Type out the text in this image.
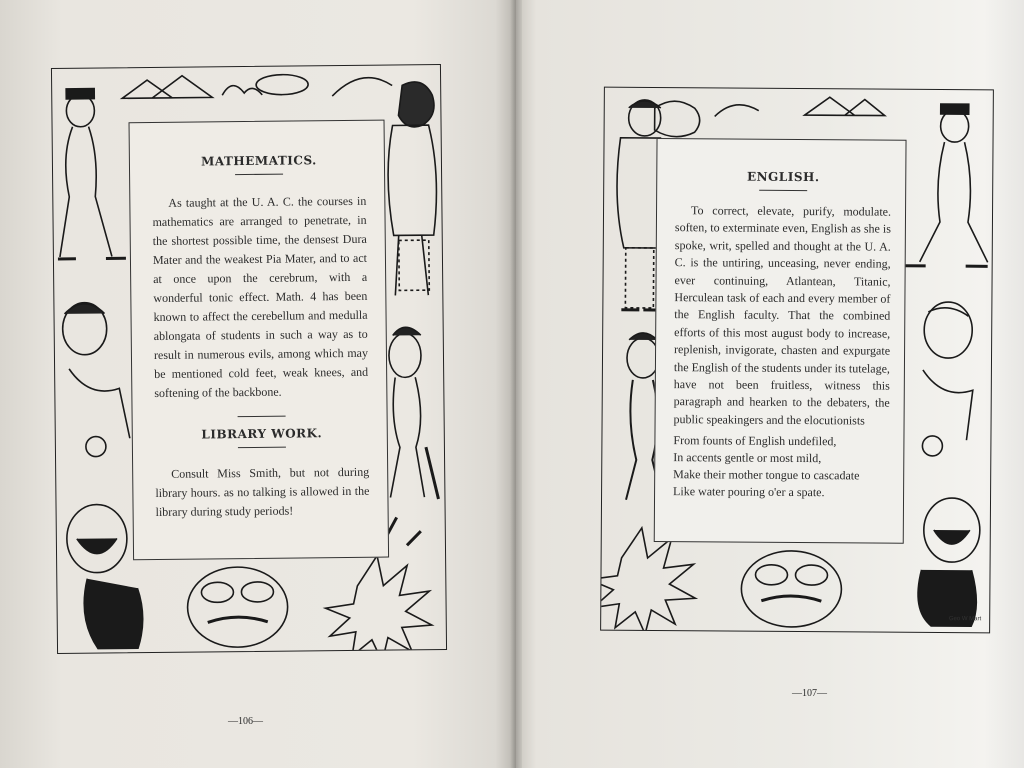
MATHEMATICS.

As taught at the U. A. C. the courses in mathematics are arranged to penetrate, in the shortest possible time, the densest Dura Mater and the weakest Pia Mater, and to act at once upon the cerebrum, with a wonderful tonic effect. Math. 4 has been known to affect the cerebellum and medulla ablongata of students in such a way as to result in numerous evils, among which may be mentioned cold feet, weak knees, and softening of the backbone.

LIBRARY WORK.

Consult Miss Smith, but not during library hours. as no talking is allowed in the library during study periods!

—106—
ENGLISH.

To correct, elevate, purify, modulate. soften, to exterminate even, English as she is spoke, writ, spelled and thought at the U. A. C. is the untiring, unceasing, never ending, ever continuing, Atlantean, Titanic, Herculean task of each and every member of the English faculty. That the combined efforts of this most august body to increase, replenish, invigorate, chasten and expurgate the English of the students under its tutelage, have not been fruitless, witness this paragraph and hearken to the debaters, the public speakingers and the elocutionists

From founts of English undefiled,
In accents gentle or most mild,
Make their mother tongue to cascadate
Like water pouring o'er a spate.
Geo W Mart
—107—
